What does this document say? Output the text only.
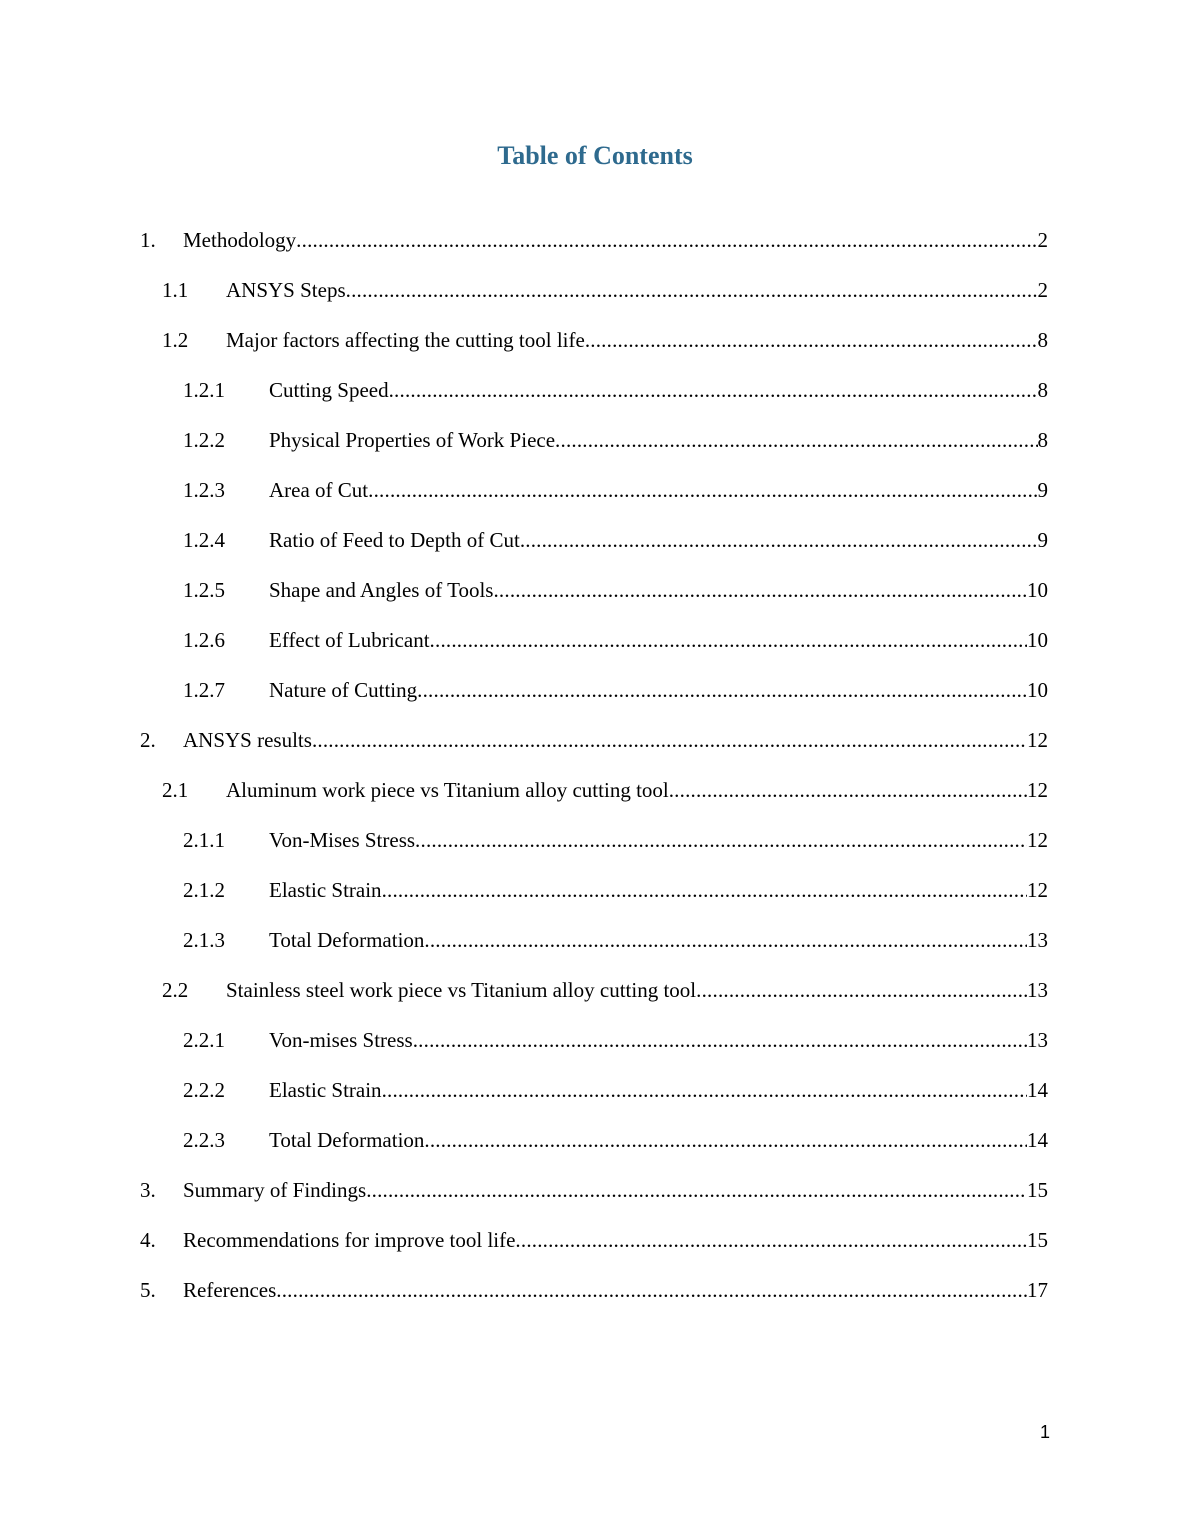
Table of Contents
1.	Methodology .....	2
1.1	ANSYS Steps .....	2
1.2	Major factors affecting the cutting tool life .....	8
1.2.1	Cutting Speed .....	8
1.2.2	Physical Properties of Work Piece .....	8
1.2.3	Area of Cut .....	9
1.2.4	Ratio of Feed to Depth of Cut .....	9
1.2.5	Shape and Angles of Tools .....	10
1.2.6	Effect of Lubricant .....	10
1.2.7	Nature of Cutting .....	10
2.	ANSYS results .....	12
2.1	Aluminum work piece vs Titanium alloy cutting tool .....	12
2.1.1	Von-Mises Stress .....	12
2.1.2	Elastic Strain .....	12
2.1.3	Total Deformation .....	13
2.2	Stainless steel work piece vs Titanium alloy cutting tool .....	13
2.2.1	Von-mises Stress .....	13
2.2.2	Elastic Strain .....	14
2.2.3	Total Deformation .....	14
3.	Summary of Findings .....	15
4.	Recommendations for improve tool life .....	15
5.	References .....	17
1
